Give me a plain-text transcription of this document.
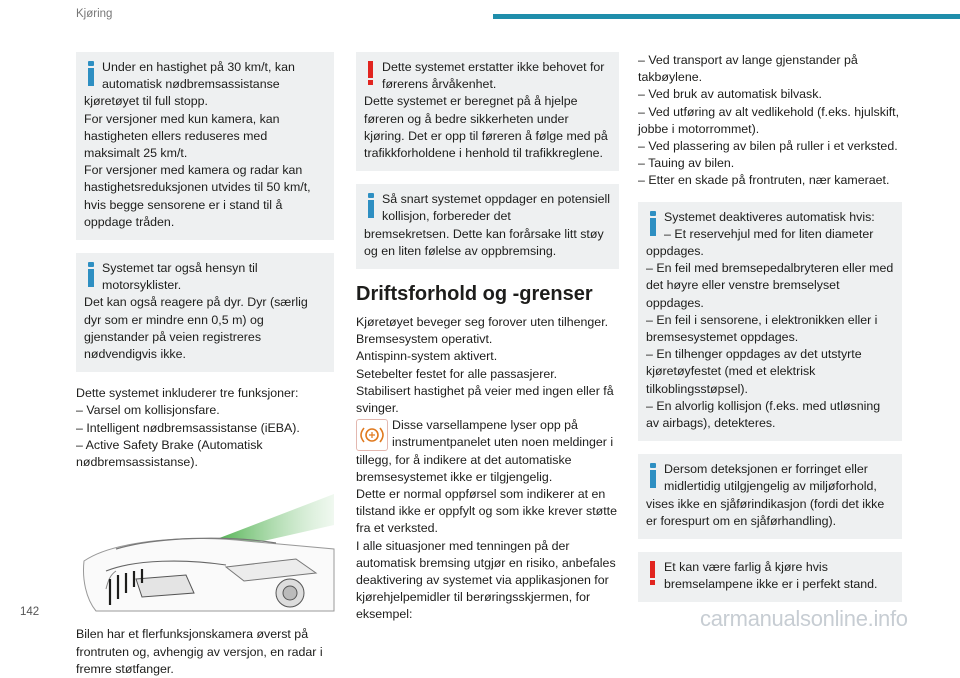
Kjøring

Under en hastighet på 30 km/t, kan automatisk nødbremsassistanse
kjøretøyet til full stopp.
For versjoner med kun kamera, kan hastigheten ellers reduseres med maksimalt 25 km/t.
For versjoner med kamera og radar kan hastighetsreduksjonen utvides til 50 km/t, hvis begge sensorene er i stand til å oppdage tråden.

Systemet tar også hensyn til motorsyklister.
Det kan også reagere på dyr. Dyr (særlig dyr som er mindre enn 0,5 m) og gjenstander på veien registreres nødvendigvis ikke.

Dette systemet inkluderer tre funksjoner:
– Varsel om kollisjonsfare.
– Intelligent nødbremsassistanse (iEBA).
– Active Safety Brake (Automatisk nødbremsassistanse).

Bilen har et flerfunksjonskamera øverst på frontruten og, avhengig av versjon, en radar i fremre støtfanger.

Dette systemet erstatter ikke behovet for førerens årvåkenhet.
Dette systemet er beregnet på å hjelpe føreren og å bedre sikkerheten under kjøring. Det er opp til føreren å følge med på trafikkforholdene i henhold til trafikkreglene.

Så snart systemet oppdager en potensiell kollisjon, forbereder det
bremsekretsen. Dette kan forårsake litt støy og en liten følelse av oppbremsing.

Driftsforhold og -grenser

Kjøretøyet beveger seg forover uten tilhenger.
Bremsesystem operativt.
Antispinn-system aktivert.
Setebelter festet for alle passasjerer.
Stabilisert hastighet på veier med ingen eller få svinger.

Disse varsellampene lyser opp på instrumentpanelet uten noen meldinger i

tillegg, for å indikere at det automatiske bremsesystemet ikke er tilgjengelig.
Dette er normal oppførsel som indikerer at en tilstand ikke er oppfylt og som ikke krever støtte fra et verksted.
I alle situasjoner med tenningen på der automatisk bremsing utgjør en risiko, anbefales deaktivering av systemet via applikasjonen for kjørehjelpemidler til berøringsskjermen, for eksempel:

– Ved transport av lange gjenstander på takbøylene.
– Ved bruk av automatisk bilvask.
– Ved utføring av alt vedlikehold (f.eks. hjulskift, jobbe i motorrommet).
– Ved plassering av bilen på ruller i et verksted.
– Tauing av bilen.
– Etter en skade på frontruten, nær kameraet.

Systemet deaktiveres automatisk hvis:
– Et reservehjul med for liten diameter
oppdages.
– En feil med bremsepedalbryteren eller med det høyre eller venstre bremselyset oppdages.
– En feil i sensorene, i elektronikken eller i bremsesystemet oppdages.
– En tilhenger oppdages av det utstyrte kjøretøyfestet (med et elektrisk tilkoblingsstøpsel).
– En alvorlig kollisjon (f.eks. med utløsning av airbags), detekteres.

Dersom deteksjonen er forringet eller midlertidig utilgjengelig av miljøforhold,
vises ikke en sjåførindikasjon (fordi det ikke er forespurt om en sjåførhandling).

Et kan være farlig å kjøre hvis bremselampene ikke er i perfekt stand.

142	carmanualsonline.info
